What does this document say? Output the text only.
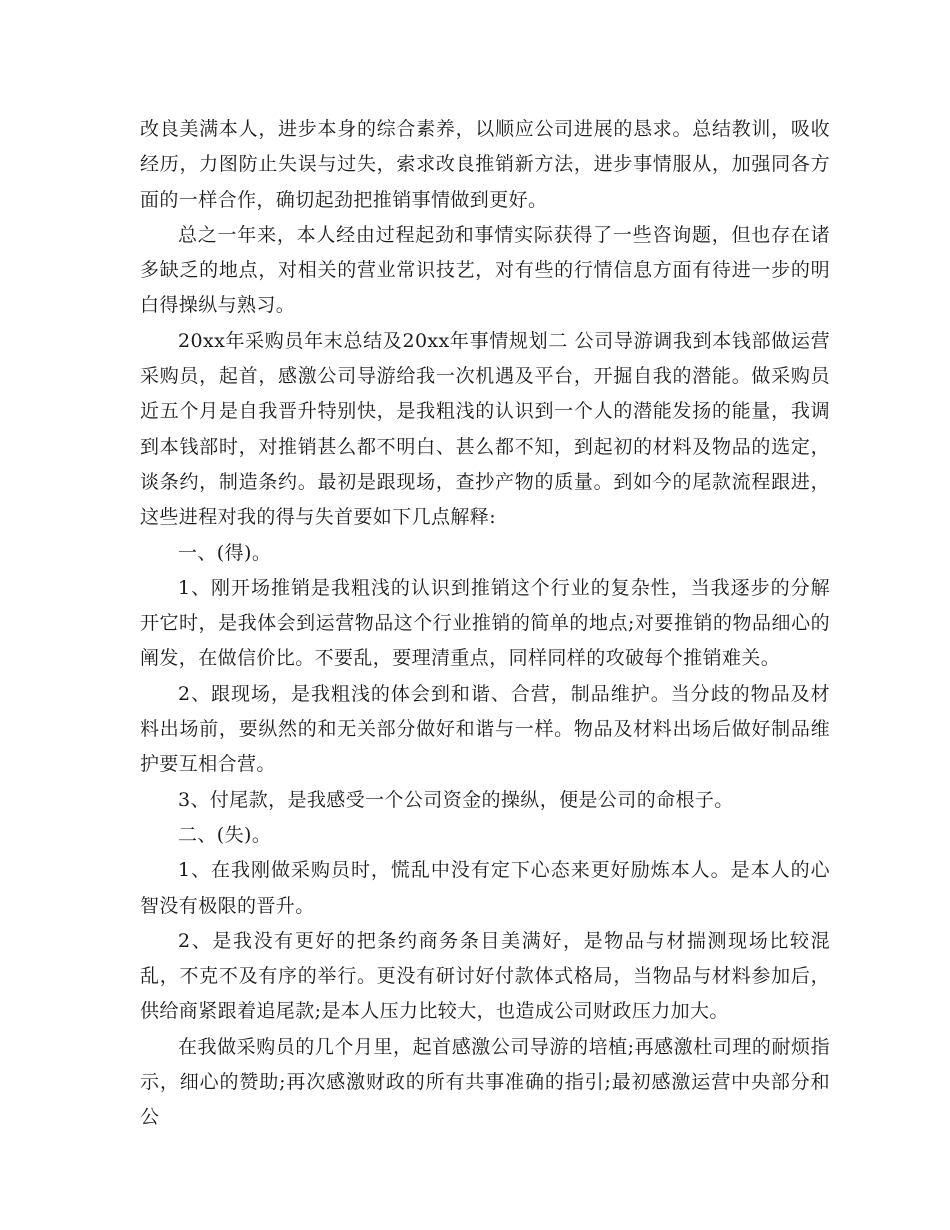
改良美满本人，进步本身的综合素养，以顺应公司进展的恳求。总结教训，吸收经历，力图防止失误与过失，索求改良推销新方法，进步事情服从，加强同各方面的一样合作，确切起劲把推销事情做到更好。

总之一年来，本人经由过程起劲和事情实际获得了一些咨询题，但也存在诸多缺乏的地点，对相关的营业常识技艺，对有些的行情信息方面有待进一步的明白得操纵与熟习。

20xx年采购员年末总结及20xx年事情规划二 公司导游调我到本钱部做运营采购员，起首，感激公司导游给我一次机遇及平台，开掘自我的潜能。做采购员近五个月是自我晋升特别快，是我粗浅的认识到一个人的潜能发扬的能量，我调到本钱部时，对推销甚么都不明白、甚么都不知，到起初的材料及物品的选定，谈条约，制造条约。最初是跟现场，查抄产物的质量。到如今的尾款流程跟进，这些进程对我的得与失首要如下几点解释:

一、(得)。

1、刚开场推销是我粗浅的认识到推销这个行业的复杂性，当我逐步的分解开它时，是我体会到运营物品这个行业推销的简单的地点;对要推销的物品细心的阐发，在做信价比。不要乱，要理清重点，同样同样的攻破每个推销难关。

2、跟现场，是我粗浅的体会到和谐、合营，制品维护。当分歧的物品及材料出场前，要纵然的和无关部分做好和谐与一样。物品及材料出场后做好制品维护要互相合营。

3、付尾款，是我感受一个公司资金的操纵，便是公司的命根子。

二、(失)。

1、在我刚做采购员时，慌乱中没有定下心态来更好励炼本人。是本人的心智没有极限的晋升。

2、是我没有更好的把条约商务条目美满好，是物品与材揣测现场比较混乱，不克不及有序的举行。更没有研讨好付款体式格局，当物品与材料参加后，供给商紧跟着追尾款;是本人压力比较大，也造成公司财政压力加大。

在我做采购员的几个月里，起首感激公司导游的培植;再感激杜司理的耐烦指示，细心的赞助;再次感激财政的所有共事准确的指引;最初感激运营中央部分和公
